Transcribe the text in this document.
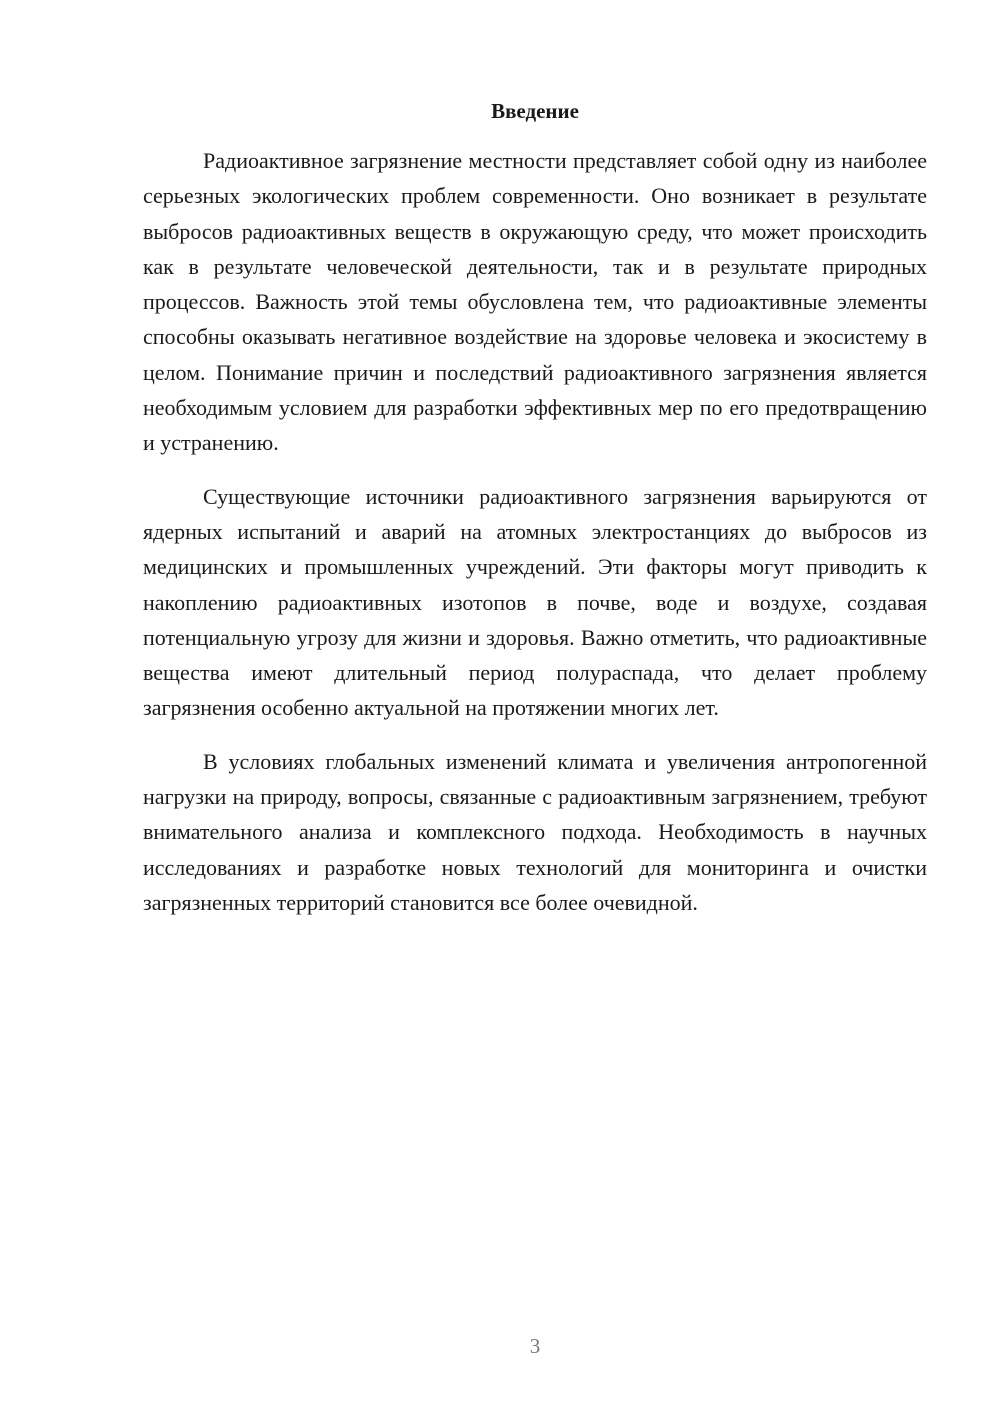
Введение

Радиоактивное загрязнение местности представляет собой одну из наиболее серьезных экологических проблем современности. Оно возникает в результате выбросов радиоактивных веществ в окружающую среду, что может происходить как в результате человеческой деятельности, так и в результате природных процессов. Важность этой темы обусловлена тем, что радиоактивные элементы способны оказывать негативное воздействие на здоровье человека и экосистему в целом. Понимание причин и последствий радиоактивного загрязнения является необходимым условием для разработки эффективных мер по его предотвращению и устранению.

Существующие источники радиоактивного загрязнения варьируются от ядерных испытаний и аварий на атомных электростанциях до выбросов из медицинских и промышленных учреждений. Эти факторы могут приводить к накоплению радиоактивных изотопов в почве, воде и воздухе, создавая потенциальную угрозу для жизни и здоровья. Важно отметить, что радиоактивные вещества имеют длительный период полураспада, что делает проблему загрязнения особенно актуальной на протяжении многих лет.

В условиях глобальных изменений климата и увеличения антропогенной нагрузки на природу, вопросы, связанные с радиоактивным загрязнением, требуют внимательного анализа и комплексного подхода. Необходимость в научных исследованиях и разработке новых технологий для мониторинга и очистки загрязненных территорий становится все более очевидной.

3
